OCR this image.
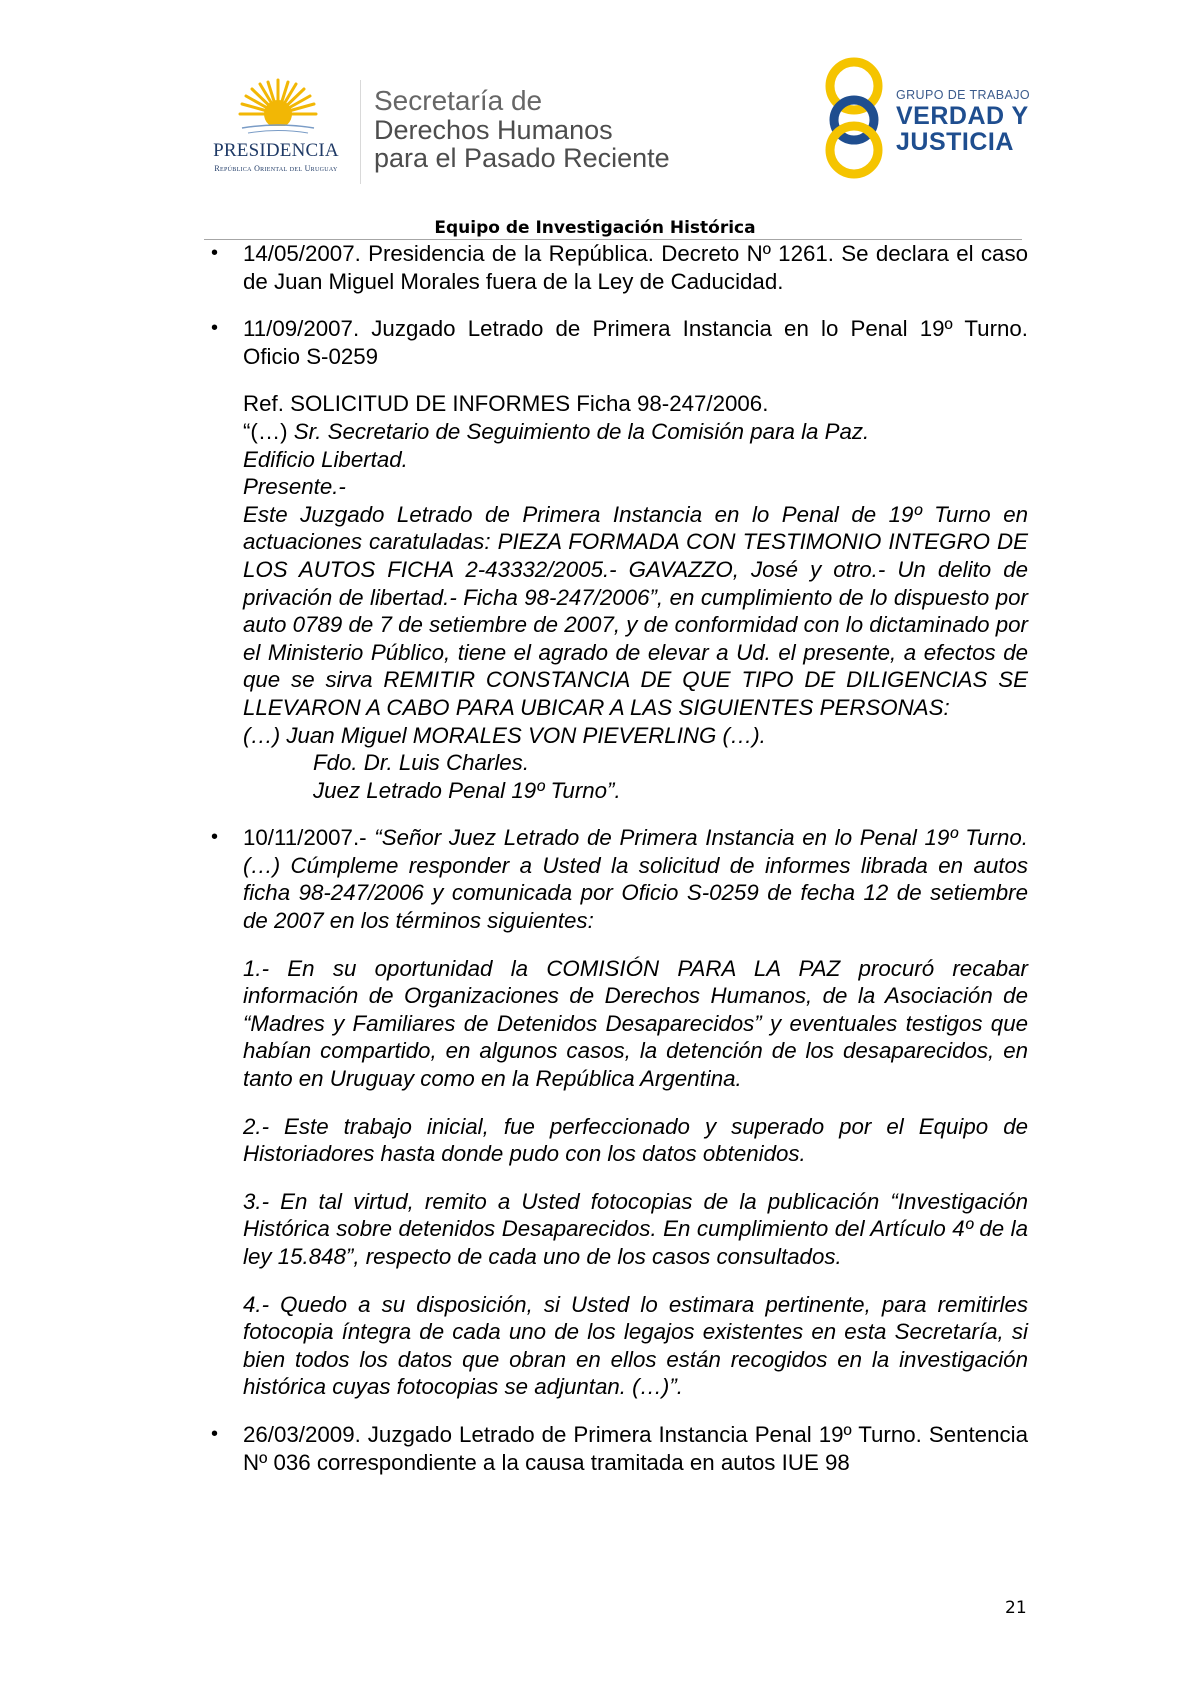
PRESIDENCIA
República Oriental del Uruguay
Secretaría de
Derechos Humanos
para el Pasado Reciente
GRUPO DE TRABAJO
VERDAD Y
JUSTICIA
Equipo de Investigación Histórica
• 14/05/2007. Presidencia de la República. Decreto Nº 1261. Se declara el caso de Juan Miguel Morales fuera de la Ley de Caducidad.

• 11/09/2007. Juzgado Letrado de Primera Instancia en lo Penal 19º Turno. Oficio S-0259

Ref. SOLICITUD DE INFORMES Ficha 98-247/2006.

“(…) Sr. Secretario de Seguimiento de la Comisión para la Paz.

Edificio Libertad.

Presente.-

Este Juzgado Letrado de Primera Instancia en lo Penal de 19º Turno en actuaciones caratuladas: PIEZA FORMADA CON TESTIMONIO INTEGRO DE LOS AUTOS FICHA 2-43332/2005.- GAVAZZO, José y otro.- Un delito de privación de libertad.- Ficha 98-247/2006”, en cumplimiento de lo dispuesto por auto 0789 de 7 de setiembre de 2007, y de conformidad con lo dictaminado por el Ministerio Público, tiene el agrado de elevar a Ud. el presente, a efectos de que se sirva REMITIR CONSTANCIA DE QUE TIPO DE DILIGENCIAS SE LLEVARON A CABO PARA UBICAR A LAS SIGUIENTES PERSONAS:

(…) Juan Miguel MORALES VON PIEVERLING (…).

Fdo. Dr. Luis Charles.

Juez Letrado Penal 19º Turno”.

• 10/11/2007.- “Señor Juez Letrado de Primera Instancia en lo Penal 19º Turno. (…) Cúmpleme responder a Usted la solicitud de informes librada en autos ficha 98-247/2006 y comunicada por Oficio S-0259 de fecha 12 de setiembre de 2007 en los términos siguientes:

1.- En su oportunidad la COMISIÓN PARA LA PAZ procuró recabar información de Organizaciones de Derechos Humanos, de la Asociación de “Madres y Familiares de Detenidos Desaparecidos” y eventuales testigos que habían compartido, en algunos casos, la detención de los desaparecidos, en tanto en Uruguay como en la República Argentina.

2.- Este trabajo inicial, fue perfeccionado y superado por el Equipo de Historiadores hasta donde pudo con los datos obtenidos.

3.- En tal virtud, remito a Usted fotocopias de la publicación “Investigación Histórica sobre detenidos Desaparecidos. En cumplimiento del Artículo 4º de la ley 15.848”, respecto de cada uno de los casos consultados.

4.- Quedo a su disposición, si Usted lo estimara pertinente, para remitirles fotocopia íntegra de cada uno de los legajos existentes en esta Secretaría, si bien todos los datos que obran en ellos están recogidos en la investigación histórica cuyas fotocopias se adjuntan. (…)”.

• 26/03/2009. Juzgado Letrado de Primera Instancia Penal 19º Turno. Sentencia Nº 036 correspondiente a la causa tramitada en autos IUE 98

21
